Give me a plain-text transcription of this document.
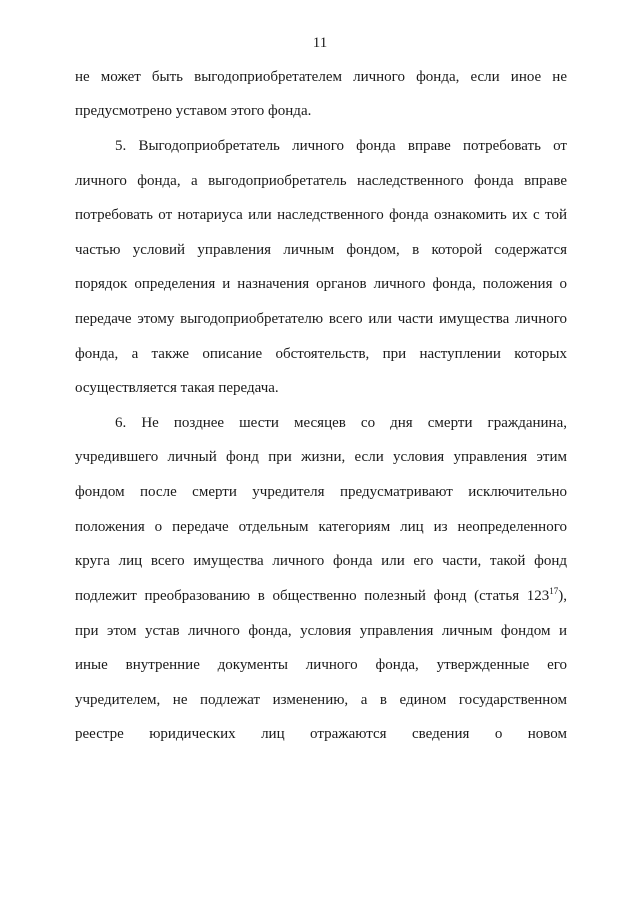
11
не может быть выгодоприобретателем личного фонда, если иное не
предусмотрено уставом этого фонда.
5. Выгодоприобретатель личного фонда вправе потребовать от
личного фонда, а выгодоприобретатель наследственного фонда вправе
потребовать от нотариуса или наследственного фонда ознакомить их с той
частью условий управления личным фондом, в которой содержатся
порядок определения и назначения органов личного фонда, положения о
передаче этому выгодоприобретателю всего или части имущества личного
фонда, а также описание обстоятельств, при наступлении которых
осуществляется такая передача.
6. Не позднее шести месяцев со дня смерти гражданина,
учредившего личный фонд при жизни, если условия управления этим
фондом после смерти учредителя предусматривают исключительно
положения о передаче отдельным категориям лиц из неопределенного
круга лиц всего имущества личного фонда или его части, такой фонд
подлежит преобразованию в общественно полезный фонд (статья $123^{17}$),
при этом устав личного фонда, условия управления личным фондом и
иные внутренние документы личного фонда, утвержденные его
учредителем, не подлежат изменению, а в едином государственном
реестре юридических лиц отражаются сведения о новом
